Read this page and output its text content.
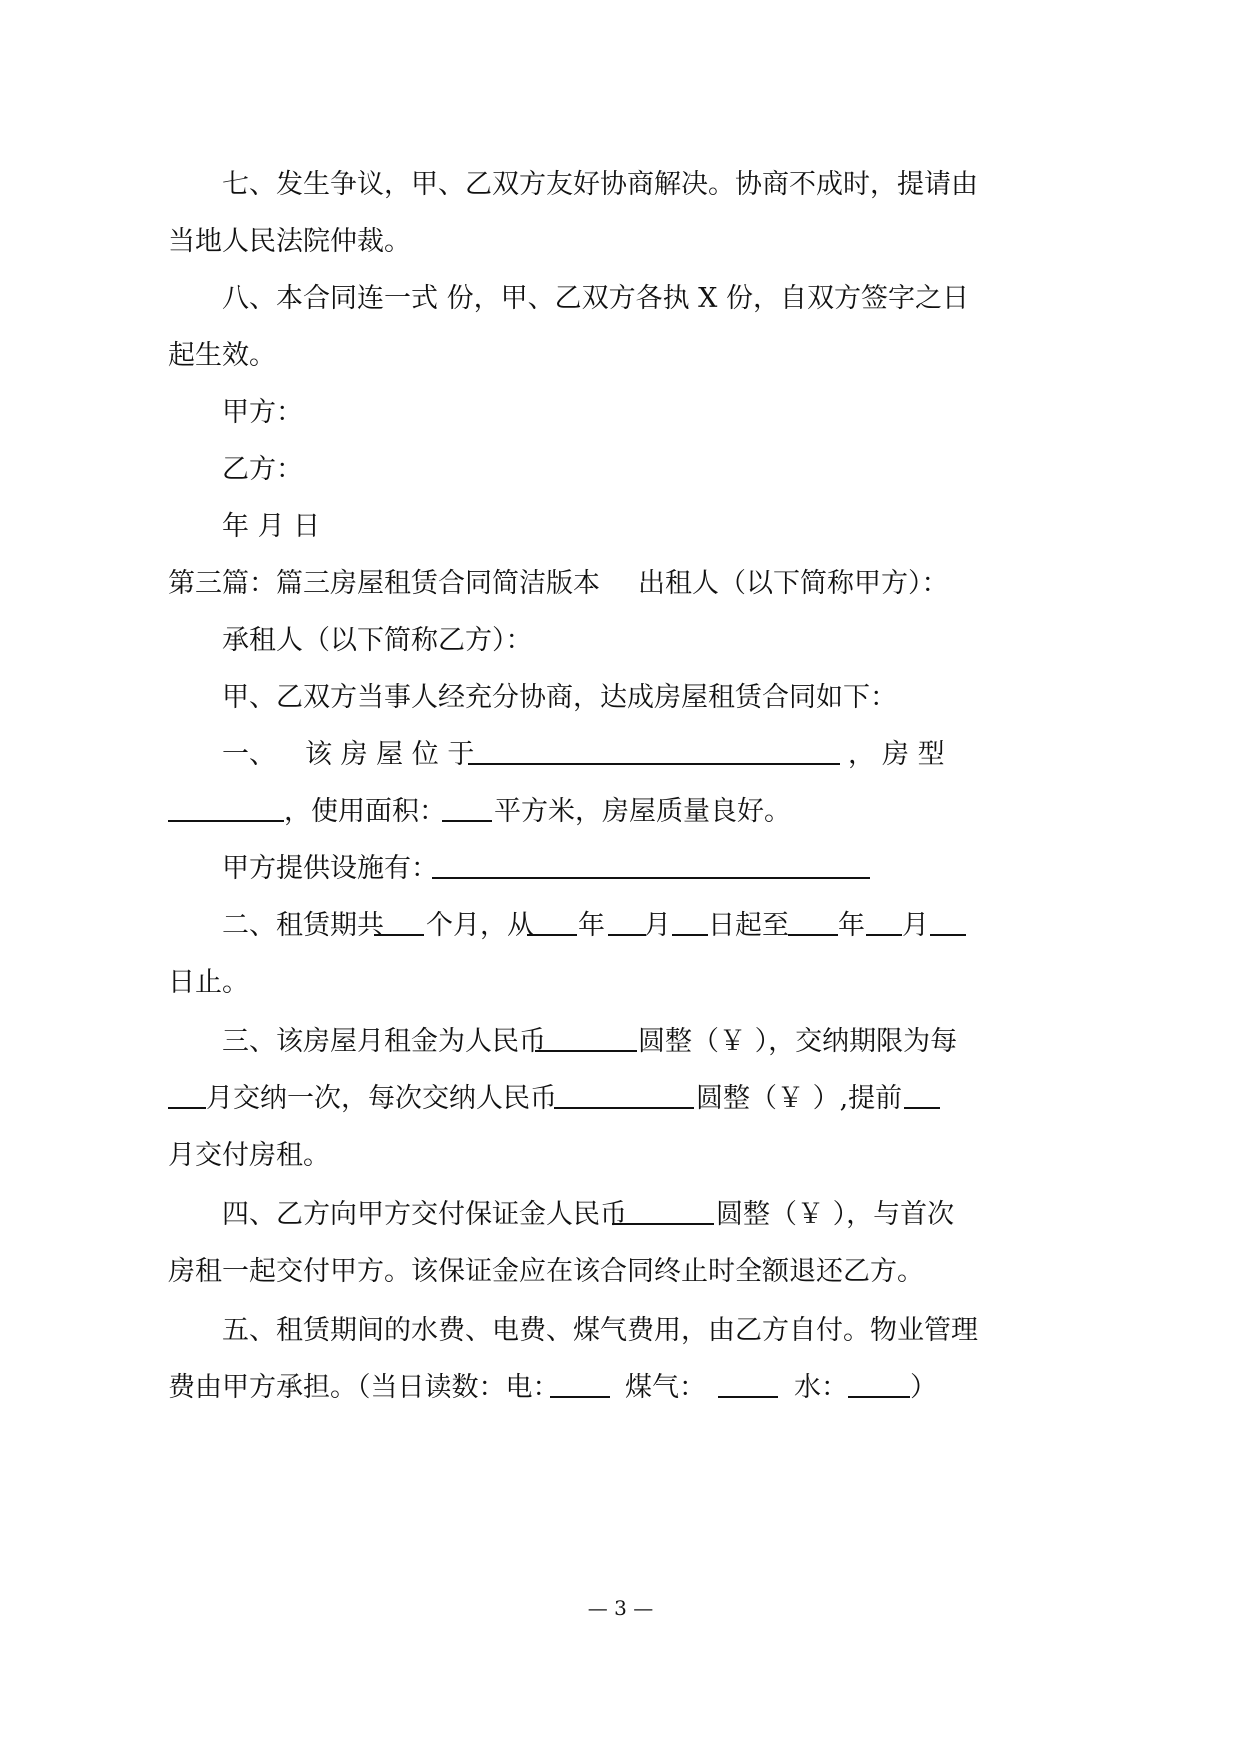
七、发生争议，甲、乙双方友好协商解决。协商不成时，提请由
当地人民法院仲裁。
八、本合同连一式 份，甲、乙双方各执 X 份，自双方签字之日
起生效。
甲方：
乙方：
年 月 日
第三篇：篇三房屋租赁合同简洁版本 出租人（以下简称甲方）：
承租人（以下简称乙方）：
甲、乙双方当事人经充分协商，达成房屋租赁合同如下：
一、 该 房 屋 位 于	， 房 型
，使用面积： 平方米，房屋质量良好。
甲方提供设施有：
二、租赁期共 个月，从 年 月 日起至 年 月
日止。
三、该房屋月租金为人民币	圆整（￥ ），交纳期限为每
月交纳一次，每次交纳人民币	圆整（￥ ）,提前
月交付房租。
四、乙方向甲方交付保证金人民币	圆整（￥ ），与首次
房租一起交付甲方。该保证金应在该合同终止时全额退还乙方。
五、租赁期间的水费、电费、煤气费用，由乙方自付。物业管理
费由甲方承担。（当日读数：电： 煤气：	水： ）
— 3 —
